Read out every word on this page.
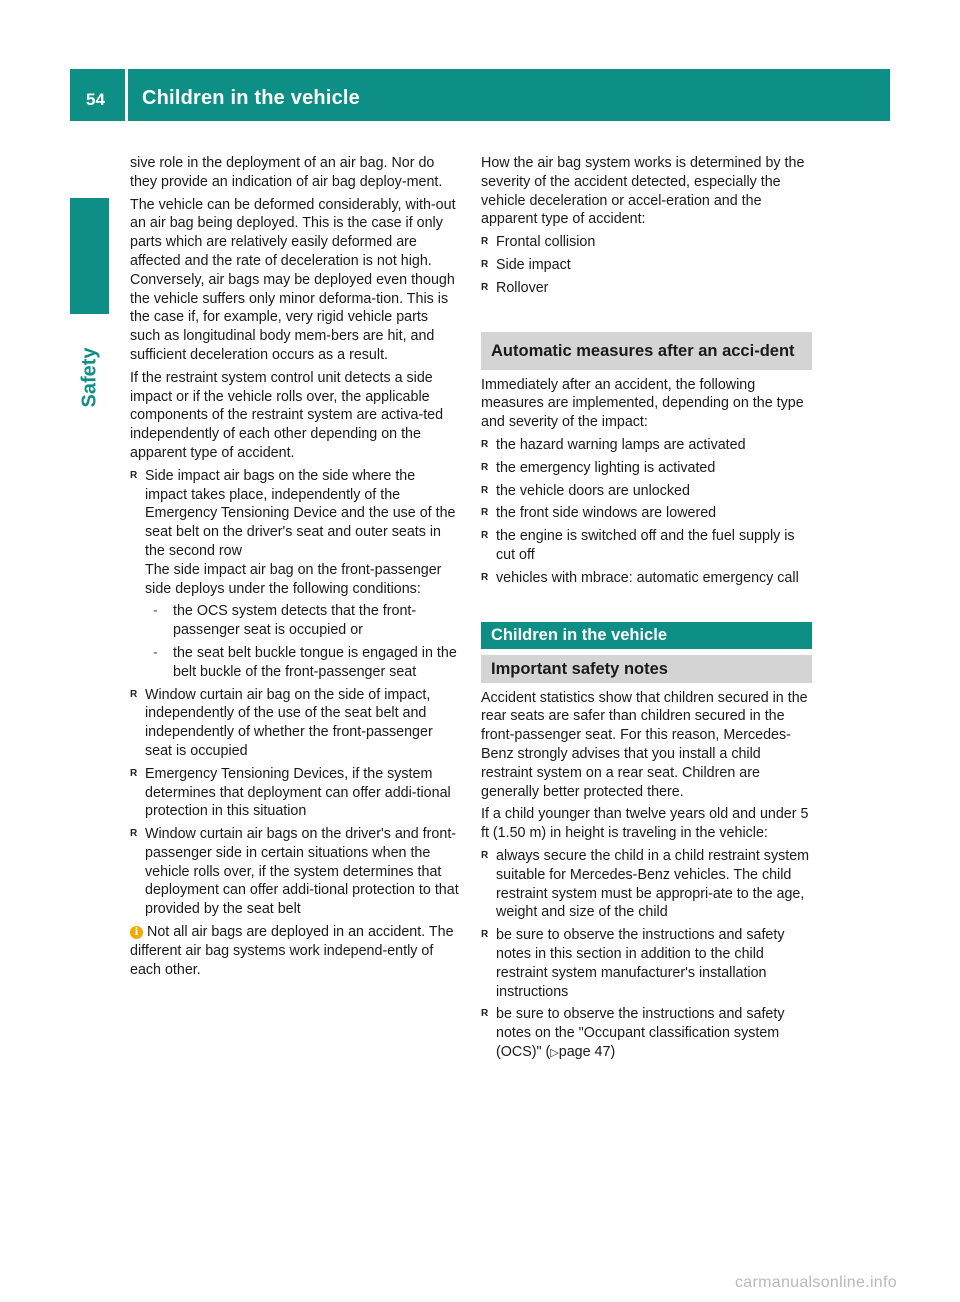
54 Children in the vehicle
Safety

sive role in the deployment of an air bag. Nor do they provide an indication of air bag deploy-ment.

The vehicle can be deformed considerably, with-out an air bag being deployed. This is the case if only parts which are relatively easily deformed are affected and the rate of deceleration is not high. Conversely, air bags may be deployed even though the vehicle suffers only minor deforma-tion. This is the case if, for example, very rigid vehicle parts such as longitudinal body mem-bers are hit, and sufficient deceleration occurs as a result.

If the restraint system control unit detects a side impact or if the vehicle rolls over, the applicable components of the restraint system are activa-ted independently of each other depending on the apparent type of accident.

R Side impact air bags on the side where the impact takes place, independently of the Emergency Tensioning Device and the use of the seat belt on the driver's seat and outer seats in the second row

The side impact air bag on the front-passenger side deploys under the following conditions:

- the OCS system detects that the front-passenger seat is occupied or
- the seat belt buckle tongue is engaged in the belt buckle of the front-passenger seat
R Window curtain air bag on the side of impact, independently of the use of the seat belt and independently of whether the front-passenger seat is occupied
R Emergency Tensioning Devices, if the system determines that deployment can offer addi-tional protection in this situation
R Window curtain air bags on the driver's and front-passenger side in certain situations when the vehicle rolls over, if the system determines that deployment can offer addi-tional protection to that provided by the seat belt

i Not all air bags are deployed in an accident. The different air bag systems work independ-ently of each other.

How the air bag system works is determined by the severity of the accident detected, especially the vehicle deceleration or accel-eration and the apparent type of accident:

R Frontal collision
R Side impact
R Rollover
Automatic measures after an acci-dent

Immediately after an accident, the following measures are implemented, depending on the type and severity of the impact:

R the hazard warning lamps are activated
R the emergency lighting is activated
R the vehicle doors are unlocked
R the front side windows are lowered
R the engine is switched off and the fuel supply is cut off
R vehicles with mbrace: automatic emergency call
Children in the vehicle
Important safety notes

Accident statistics show that children secured in the rear seats are safer than children secured in the front-passenger seat. For this reason, Mercedes-Benz strongly advises that you install a child restraint system on a rear seat. Children are generally better protected there.

If a child younger than twelve years old and under 5 ft (1.50 m) in height is traveling in the vehicle:

R always secure the child in a child restraint system suitable for Mercedes-Benz vehicles. The child restraint system must be appropri-ate to the age, weight and size of the child
R be sure to observe the instructions and safety notes in this section in addition to the child restraint system manufacturer's installation instructions
R be sure to observe the instructions and safety notes on the "Occupant classification system (OCS)" (▷page 47)
carmanualsonline.info
